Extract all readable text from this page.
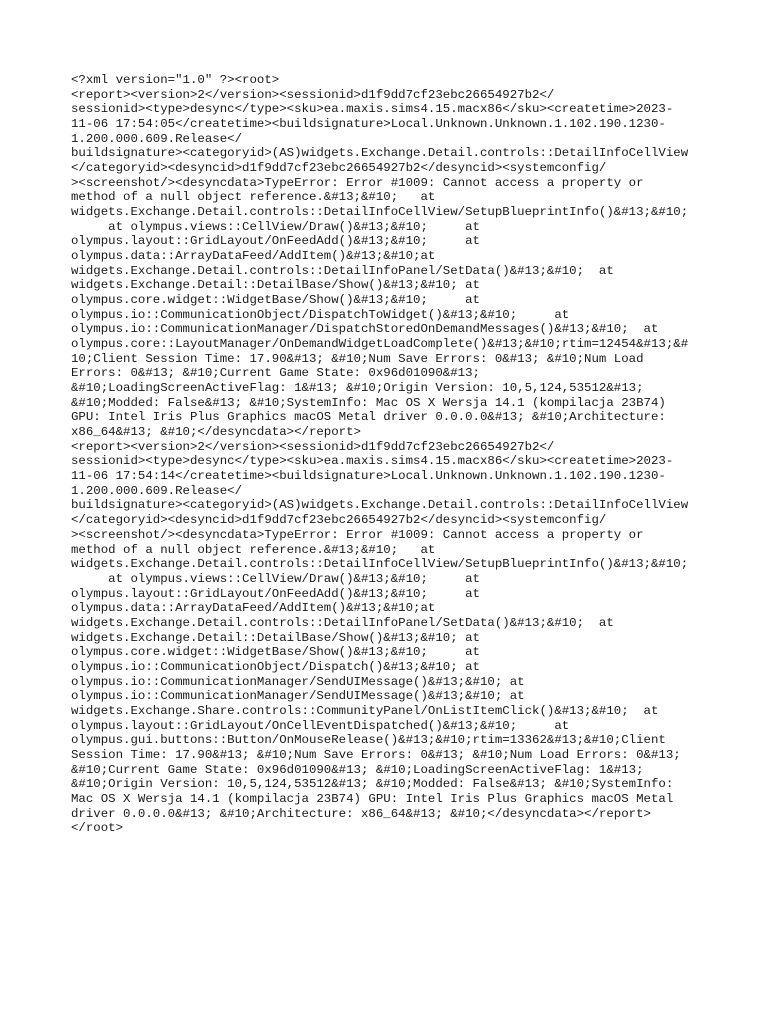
<?xml version="1.0" ?><root>
<report><version>2</version><sessionid>d1f9dd7cf23ebc26654927b2</
sessionid><type>desync</type><sku>ea.maxis.sims4.15.macx86</sku><createtime>2023-
11-06 17:54:05</createtime><buildsignature>Local.Unknown.Unknown.1.102.190.1230-
1.200.000.609.Release</
buildsignature><categoryid>(AS)widgets.Exchange.Detail.controls::DetailInfoCellView
</categoryid><desyncid>d1f9dd7cf23ebc26654927b2</desyncid><systemconfig/
><screenshot/><desyncdata>TypeError: Error #1009: Cannot access a property or
method of a null object reference.&#13;&#10;   at
widgets.Exchange.Detail.controls::DetailInfoCellView/SetupBlueprintInfo()&#13;&#10;
at olympus.views::CellView/Draw()&#13;&#10;     at
olympus.layout::GridLayout/OnFeedAdd()&#13;&#10;     at
olympus.data::ArrayDataFeed/AddItem()&#13;&#10;at
widgets.Exchange.Detail.controls::DetailInfoPanel/SetData()&#13;&#10;  at
widgets.Exchange.Detail::DetailBase/Show()&#13;&#10; at
olympus.core.widget::WidgetBase/Show()&#13;&#10;     at
olympus.io::CommunicationObject/DispatchToWidget()&#13;&#10;     at
olympus.io::CommunicationManager/DispatchStoredOnDemandMessages()&#13;&#10;  at
olympus.core::LayoutManager/OnDemandWidgetLoadComplete()&#13;&#10;rtim=12454&#13;&#
10;Client Session Time: 17.90&#13; &#10;Num Save Errors: 0&#13; &#10;Num Load
Errors: 0&#13; &#10;Current Game State: 0x96d01090&#13;
&#10;LoadingScreenActiveFlag: 1&#13; &#10;Origin Version: 10,5,124,53512&#13;
&#10;Modded: False&#13; &#10;SystemInfo: Mac OS X Wersja 14.1 (kompilacja 23B74)
GPU: Intel Iris Plus Graphics macOS Metal driver 0.0.0.0&#13; &#10;Architecture:
x86_64&#13; &#10;</desyncdata></report>
<report><version>2</version><sessionid>d1f9dd7cf23ebc26654927b2</
sessionid><type>desync</type><sku>ea.maxis.sims4.15.macx86</sku><createtime>2023-
11-06 17:54:14</createtime><buildsignature>Local.Unknown.Unknown.1.102.190.1230-
1.200.000.609.Release</
buildsignature><categoryid>(AS)widgets.Exchange.Detail.controls::DetailInfoCellView
</categoryid><desyncid>d1f9dd7cf23ebc26654927b2</desyncid><systemconfig/
><screenshot/><desyncdata>TypeError: Error #1009: Cannot access a property or
method of a null object reference.&#13;&#10;   at
widgets.Exchange.Detail.controls::DetailInfoCellView/SetupBlueprintInfo()&#13;&#10;
at olympus.views::CellView/Draw()&#13;&#10;     at
olympus.layout::GridLayout/OnFeedAdd()&#13;&#10;     at
olympus.data::ArrayDataFeed/AddItem()&#13;&#10;at
widgets.Exchange.Detail.controls::DetailInfoPanel/SetData()&#13;&#10;  at
widgets.Exchange.Detail::DetailBase/Show()&#13;&#10; at
olympus.core.widget::WidgetBase/Show()&#13;&#10;     at
olympus.io::CommunicationObject/Dispatch()&#13;&#10; at
olympus.io::CommunicationManager/SendUIMessage()&#13;&#10; at
olympus.io::CommunicationManager/SendUIMessage()&#13;&#10; at
widgets.Exchange.Share.controls::CommunityPanel/OnListItemClick()&#13;&#10;  at
olympus.layout::GridLayout/OnCellEventDispatched()&#13;&#10;     at
olympus.gui.buttons::Button/OnMouseRelease()&#13;&#10;rtim=13362&#13;&#10;Client
Session Time: 17.90&#13; &#10;Num Save Errors: 0&#13; &#10;Num Load Errors: 0&#13;
&#10;Current Game State: 0x96d01090&#13; &#10;LoadingScreenActiveFlag: 1&#13;
&#10;Origin Version: 10,5,124,53512&#13; &#10;Modded: False&#13; &#10;SystemInfo:
Mac OS X Wersja 14.1 (kompilacja 23B74) GPU: Intel Iris Plus Graphics macOS Metal
driver 0.0.0.0&#13; &#10;Architecture: x86_64&#13; &#10;</desyncdata></report>
</root>
